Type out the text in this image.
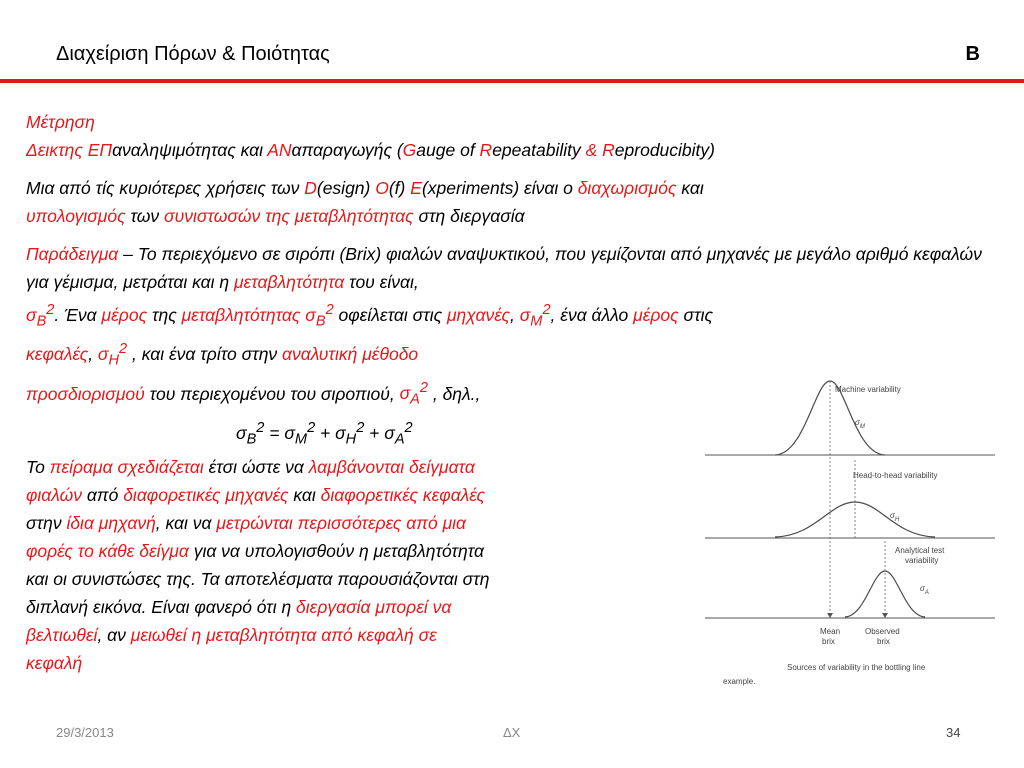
Διαχείριση Πόρων & Ποιότητας	B

Μέτρηση

Δεικτης ΕΠαναληψιμότητας και ΑΝαπαραγωγής (Gauge of Repeatability & Reproducibity)

Μια από τίς κυριότερες χρήσεις των D(esign) O(f) E(xperiments) είναι ο διαχωρισμός και
υπολογισμός των συνιστωσών της μεταβλητότητας στη διεργασία

Παράδειγμα – Το περιεχόμενο σε σιρόπι (Brix) φιαλών αναψυκτικού, που γεμίζονται από μηχανές με μεγάλο αριθμό κεφαλών για γέμισμα, μετράται και η μεταβλητότητα του είναι,
$\sigma_B^2$. Ένα μέρος της μεταβλητότητας $\sigma_B^2$ οφείλεται στις μηχανές, $\sigma_M^2$, ένα άλλο μέρος στις
κεφαλές, $\sigma_H^2$ , και ένα τρίτο στην αναλυτική μέθοδο
προσδιορισμού του περιεχομένου του σιροπιού, $\sigma_A^2$ , δηλ.,

$\sigma_B^2 = \sigma_M^2 + \sigma_H^2 + \sigma_A^2$

Το πείραμα σχεδιάζεται έτσι ώστε να λαμβάνονται δείγματα
φιαλών από διαφορετικές μηχανές και διαφορετικές κεφαλές
στην ίδια μηχανή, και να μετρώνται περισσότερες από μια
φορές το κάθε δείγμα για να υπολογισθούν η μεταβλητότητα
και οι συνιστώσες της. Τα αποτελέσματα παρουσιάζονται στη
διπλανή εικόνα. Είναι φανερό ότι η διεργασία μπορεί να
βελτιωθεί, αν μειωθεί η μεταβλητότητα από κεφαλή σε
κεφαλή

Machine variability
$\sigma_M$
Head-to-head variability
$\sigma_H$
Analytical test
variability
$\sigma_A$
Mean
brix
Observed
brix
Sources of variability in the bottling line
example.
29/3/2013	ΔΧ	34
